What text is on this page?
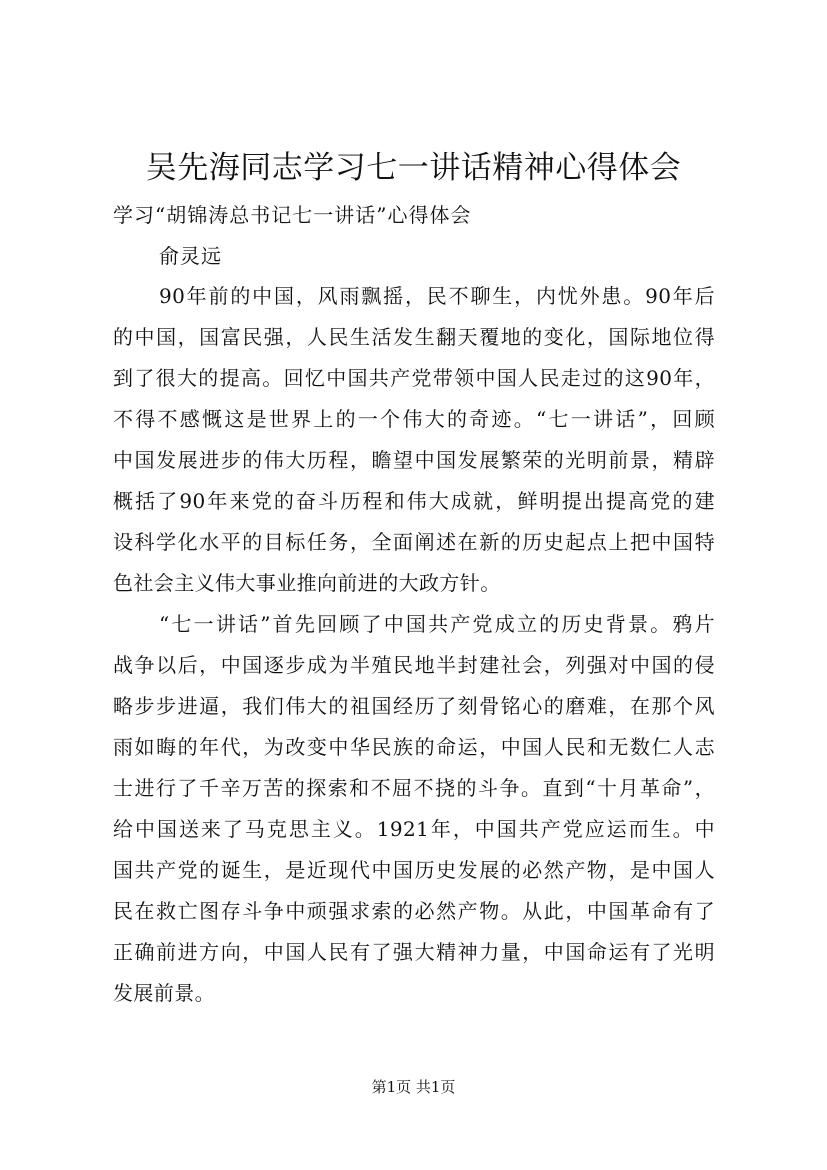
吴先海同志学习七一讲话精神心得体会
学习“胡锦涛总书记七一讲话”心得体会
俞灵远
90年前的中国，风雨飘摇，民不聊生，内忧外患。90年后
的中国，国富民强，人民生活发生翻天覆地的变化，国际地位得
到了很大的提高。回忆中国共产党带领中国人民走过的这90年，
不得不感慨这是世界上的一个伟大的奇迹。“七一讲话”，回顾
中国发展进步的伟大历程，瞻望中国发展繁荣的光明前景，精辟
概括了90年来党的奋斗历程和伟大成就，鲜明提出提高党的建
设科学化水平的目标任务，全面阐述在新的历史起点上把中国特
色社会主义伟大事业推向前进的大政方针。
“七一讲话”首先回顾了中国共产党成立的历史背景。鸦片
战争以后，中国逐步成为半殖民地半封建社会，列强对中国的侵
略步步进逼，我们伟大的祖国经历了刻骨铭心的磨难，在那个风
雨如晦的年代，为改变中华民族的命运，中国人民和无数仁人志
士进行了千辛万苦的探索和不屈不挠的斗争。直到“十月革命”，
给中国送来了马克思主义。1921年，中国共产党应运而生。中
国共产党的诞生，是近现代中国历史发展的必然产物，是中国人
民在救亡图存斗争中顽强求索的必然产物。从此，中国革命有了
正确前进方向，中国人民有了强大精神力量，中国命运有了光明
发展前景。
第1页 共1页
